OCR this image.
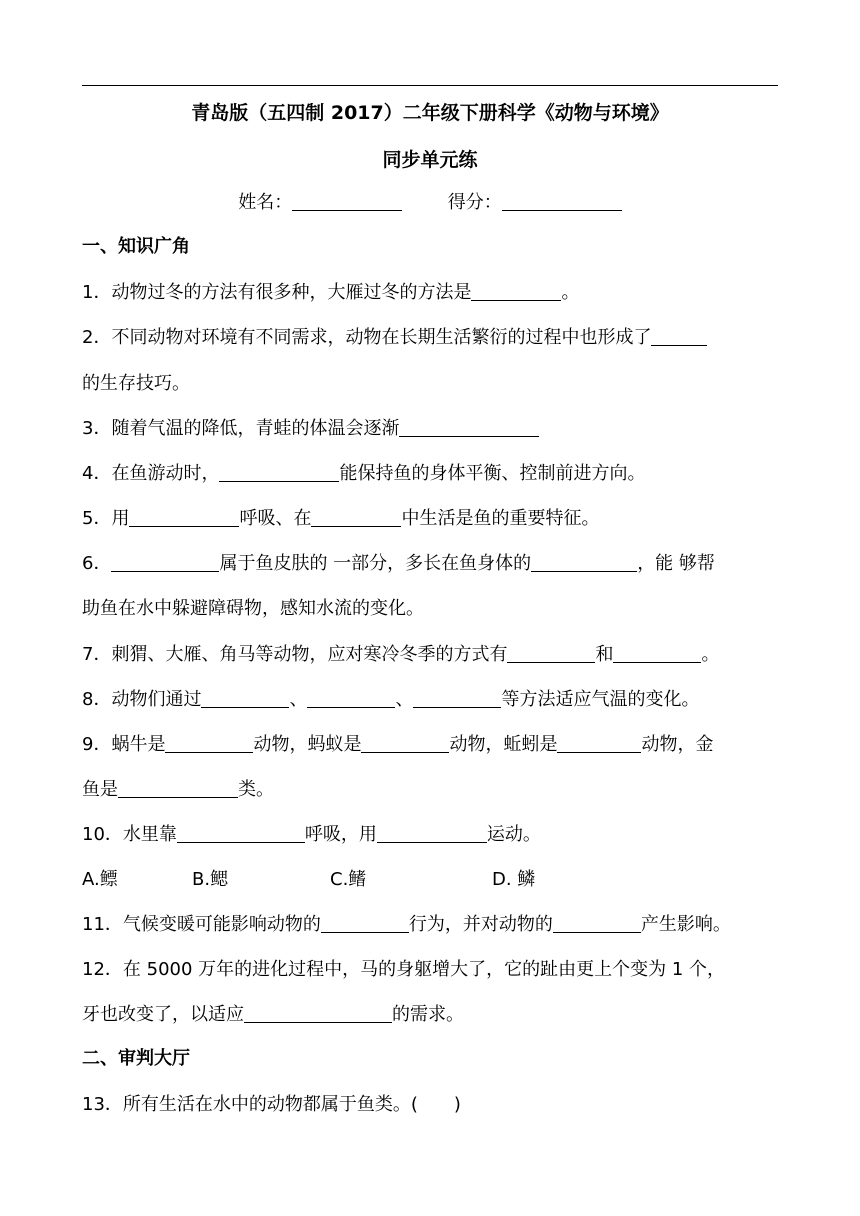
青岛版（五四制 2017）二年级下册科学《动物与环境》
同步单元练
姓名：	得分：
一、知识广角
1．动物过冬的方法有很多种，大雁过冬的方法是	。
2．不同动物对环境有不同需求，动物在长期生活繁衍的过程中也形成了
的生存技巧。
3．随着气温的降低，青蛙的体温会逐渐
4．在鱼游动时，	能保持鱼的身体平衡、控制前进方向。
5．用	呼吸、在	中生活是鱼的重要特征。
6．	属于鱼皮肤的 一部分，多长在鱼身体的	，能 够帮
助鱼在水中躲避障碍物，感知水流的变化。
7．刺猬、大雁、角马等动物，应对寒冷冬季的方式有	和	。
8．动物们通过	、	、	等方法适应气温的变化。
9．蜗牛是	动物，蚂蚁是	动物，蚯蚓是	动物，金
鱼是	类。
10．水里靠	呼吸，用	运动。
A.鳔	B.鳃	C.鳍	D. 鳞
11．气候变暖可能影响动物的	行为，并对动物的	产生影响。
12．在 5000 万年的进化过程中，马的身躯增大了，它的趾由更上个变为 1 个，
牙也改变了，以适应	的需求。
二、审判大厅
13．所有生活在水中的动物都属于鱼类。(　　)
